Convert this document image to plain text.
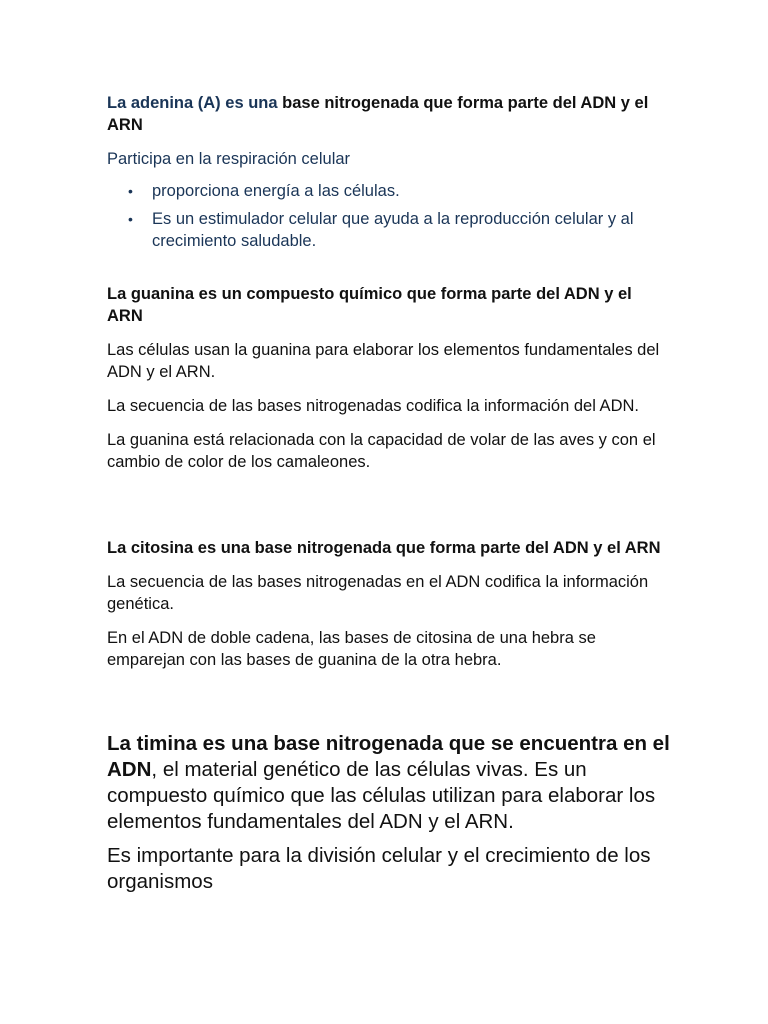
La adenina (A) es una base nitrogenada que forma parte del ADN y el ARN

Participa en la respiración celular

• proporciona energía a las células.
• Es un estimulador celular que ayuda a la reproducción celular y al crecimiento saludable.

La guanina es un compuesto químico que forma parte del ADN y el ARN

Las células usan la guanina para elaborar los elementos fundamentales del ADN y el ARN.

La secuencia de las bases nitrogenadas codifica la información del ADN.

La guanina está relacionada con la capacidad de volar de las aves y con el cambio de color de los camaleones.

La citosina es una base nitrogenada que forma parte del ADN y el ARN

La secuencia de las bases nitrogenadas en el ADN codifica la información genética.

En el ADN de doble cadena, las bases de citosina de una hebra se emparejan con las bases de guanina de la otra hebra.

La timina es una base nitrogenada que se encuentra en el ADN, el material genético de las células vivas. Es un compuesto químico que las células utilizan para elaborar los elementos fundamentales del ADN y el ARN.

Es importante para la división celular y el crecimiento de los organismos
